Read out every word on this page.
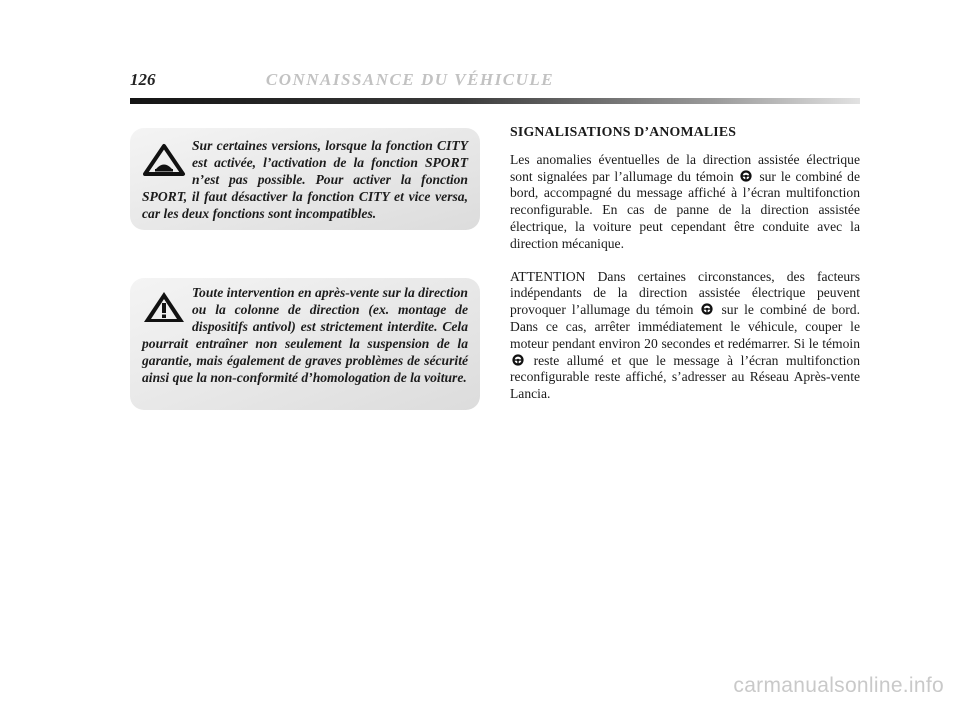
126	CONNAISSANCE DU VÉHICULE

Sur certaines versions, lorsque la fonction CITY est activée, l’activation de la fonction SPORT n’est pas possible. Pour activer la fonction SPORT, il faut désactiver la fonction CITY et vice versa, car les deux fonctions sont incompatibles.

Toute intervention en après-vente sur la direction ou la colonne de direction (ex. montage de dispositifs antivol) est strictement interdite. Cela pourrait entraîner non seulement la suspension de la garantie, mais également de graves problèmes de sécurité ainsi que la non-conformité d’homologation de la voiture.

SIGNALISATIONS D’ANOMALIES

Les anomalies éventuelles de la direction assistée électrique sont signalées par l’allumage du témoin sur le combiné de bord, accompagné du message affiché à l’écran multifonction reconfigurable. En cas de panne de la direction assistée électrique, la voiture peut cependant être conduite avec la direction mécanique.

ATTENTION Dans certaines circonstances, des facteurs indépendants de la direction assistée électrique peuvent provoquer l’allumage du témoin sur le combiné de bord. Dans ce cas, arrêter immédiatement le véhicule, couper le moteur pendant environ 20 secondes et redémarrer. Si le témoin  reste allumé et que le message à l’écran multifonction reconfigurable reste affiché, s’adresser au Réseau Après-vente Lancia.

carmanualsonline.info
